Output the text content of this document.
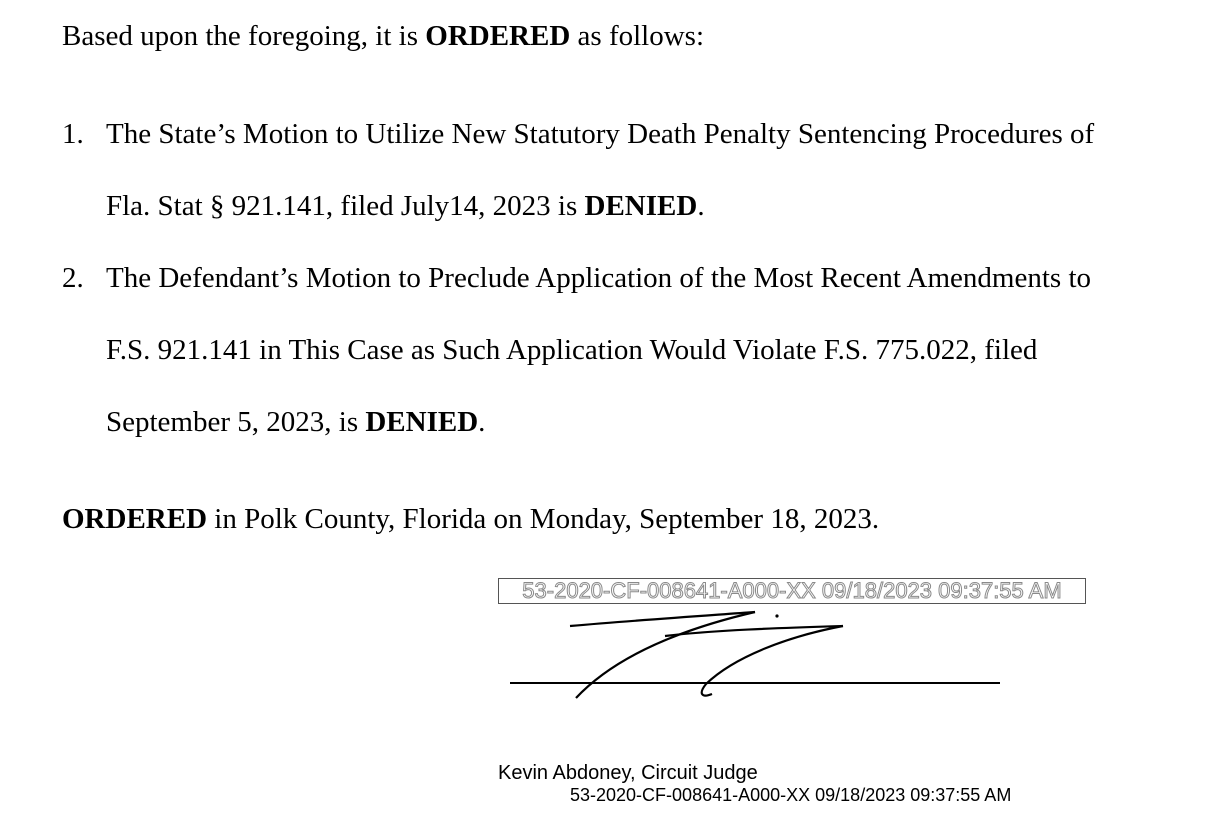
Based upon the foregoing, it is ORDERED as follows:
1. The State’s Motion to Utilize New Statutory Death Penalty Sentencing Procedures of
Fla. Stat § 921.141, filed July14, 2023 is DENIED.
2. The Defendant’s Motion to Preclude Application of the Most Recent Amendments to
F.S. 921.141 in This Case as Such Application Would Violate F.S. 775.022, filed
September 5, 2023, is DENIED.
ORDERED in Polk County, Florida on Monday, September 18, 2023.
53-2020-CF-008641-A000-XX 09/18/2023 09:37:55 AM
Kevin Abdoney, Circuit Judge
53-2020-CF-008641-A000-XX 09/18/2023 09:37:55 AM
